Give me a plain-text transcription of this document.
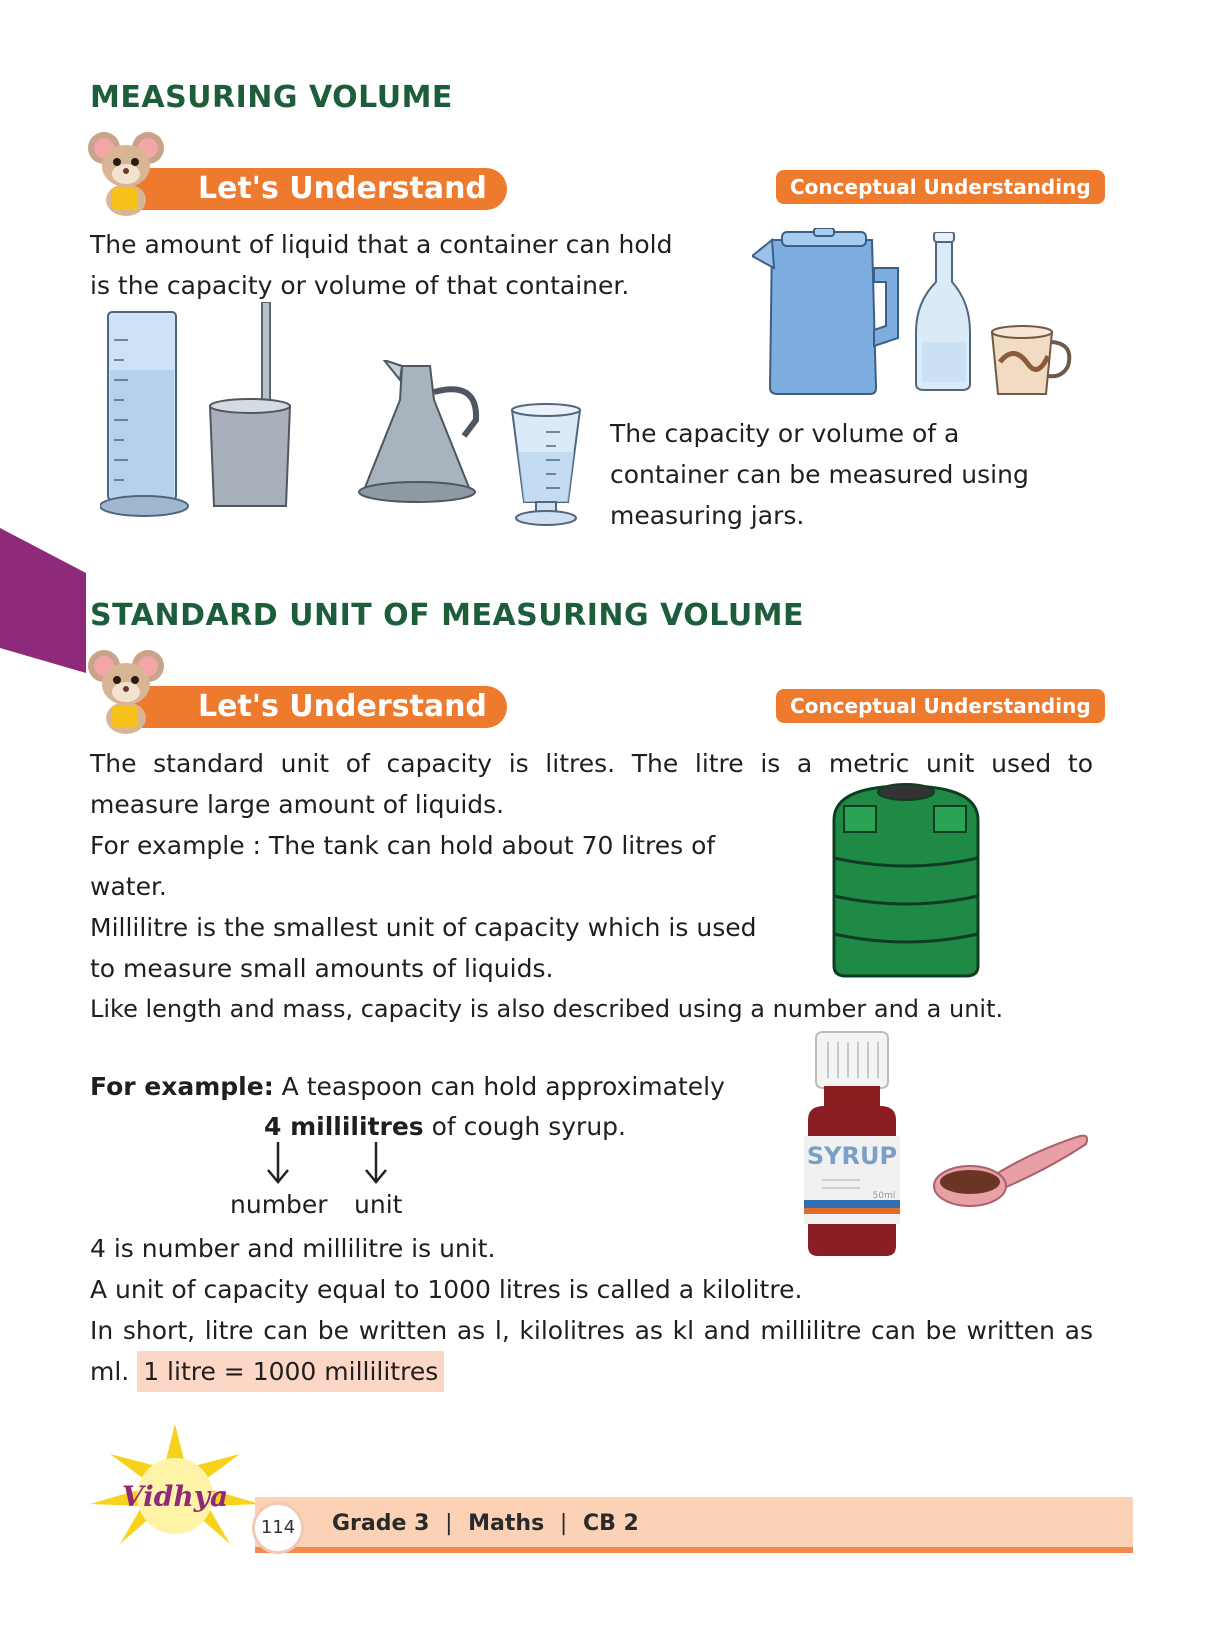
MEASURING VOLUME
Let's Understand	Conceptual Understanding
The amount of liquid that a container can hold
is the capacity or volume of that container.
The capacity or volume of a
container can be measured using
measuring jars.
STANDARD UNIT OF MEASURING VOLUME
Let's Understand	Conceptual Understanding
The standard unit of capacity is litres. The litre is a metric unit used to
measure large amount of liquids.
For example : The tank can hold about 70 litres of
water.
Millilitre is the smallest unit of capacity which is used
to measure small amounts of liquids.
Like length and mass, capacity is also described using a number and a unit.
For example: A teaspoon can hold approximately
4 millilitres of cough syrup.
number unit
SYRUP
50ml
4 is number and millilitre is unit.
A unit of capacity equal to 1000 litres is called a kilolitre.
In short, litre can be written as l, kilolitres as kl and millilitre can be written as
ml. 1 litre = 1000 millilitres
Vidhya
114	Grade 3 | Maths | CB 2
